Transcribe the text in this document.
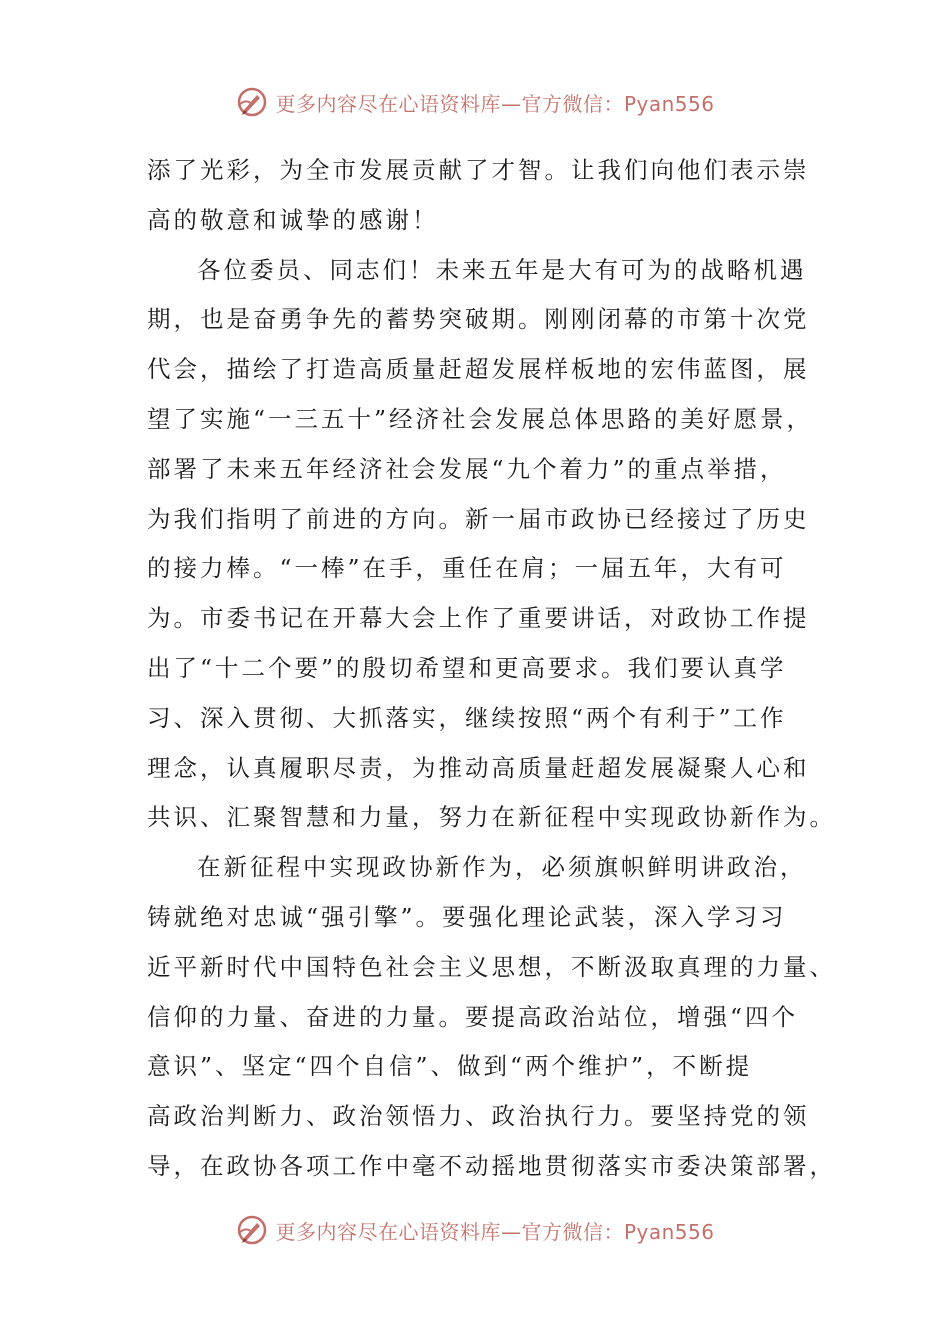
更多内容尽在心语资料库—官方微信：Pyan556
添了光彩，为全市发展贡献了才智。让我们向他们表示崇
高的敬意和诚挚的感谢！
各位委员、同志们！未来五年是大有可为的战略机遇
期，也是奋勇争先的蓄势突破期。刚刚闭幕的市第十次党
代会，描绘了打造高质量赶超发展样板地的宏伟蓝图，展
望了实施“一三五十”经济社会发展总体思路的美好愿景，
部署了未来五年经济社会发展“九个着力”的重点举措，
为我们指明了前进的方向。新一届市政协已经接过了历史
的接力棒。“一棒”在手，重任在肩；一届五年，大有可
为。市委书记在开幕大会上作了重要讲话，对政协工作提
出了“十二个要”的殷切希望和更高要求。我们要认真学
习、深入贯彻、大抓落实，继续按照“两个有利于”工作
理念，认真履职尽责，为推动高质量赶超发展凝聚人心和
共识、汇聚智慧和力量，努力在新征程中实现政协新作为。
在新征程中实现政协新作为，必须旗帜鲜明讲政治，
铸就绝对忠诚“强引擎”。要强化理论武装，深入学习习
近平新时代中国特色社会主义思想，不断汲取真理的力量、
信仰的力量、奋进的力量。要提高政治站位，增强“四个
意识”、坚定“四个自信”、做到“两个维护”，不断提
高政治判断力、政治领悟力、政治执行力。要坚持党的领
导，在政协各项工作中毫不动摇地贯彻落实市委决策部署，
更多内容尽在心语资料库—官方微信：Pyan556
